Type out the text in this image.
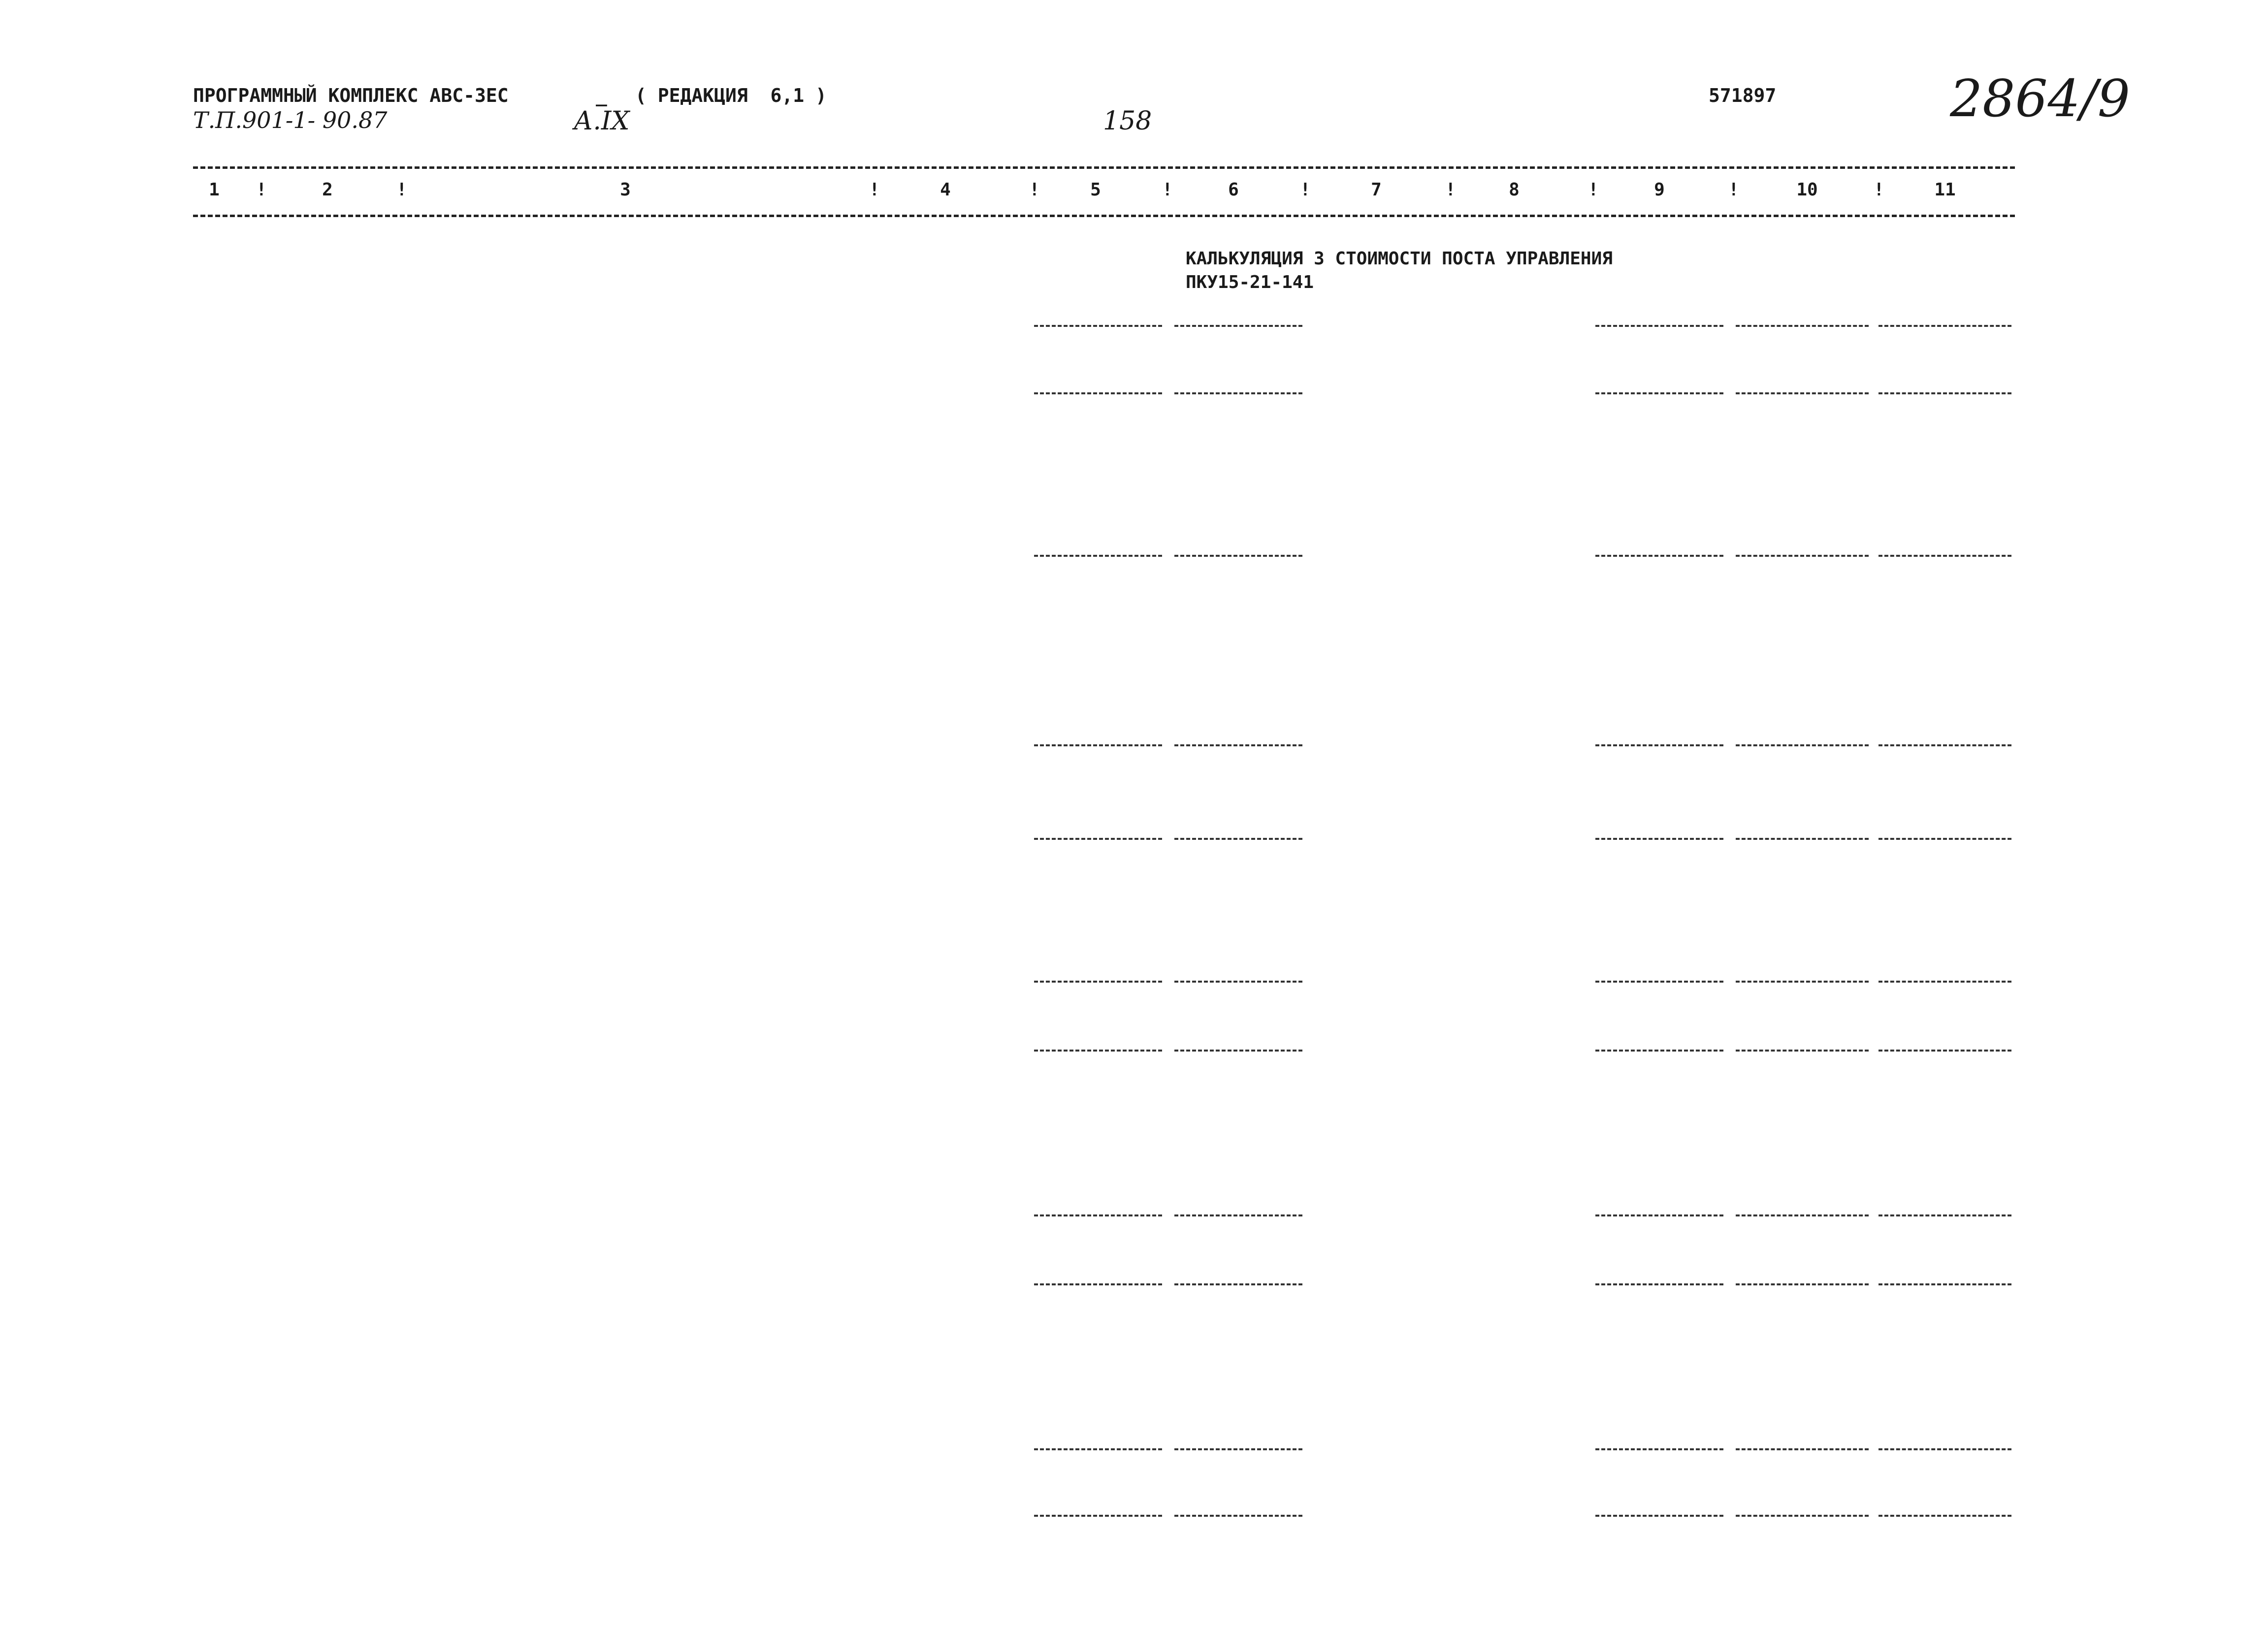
ПРОГРАММНЫЙ КОМПЛЕКС АВС-3ЕС	_ ( РЕДАКЦИЯ  6,1 )	571897
Т.П.901-1- 90.87	А.IX	158	2864/9
1	2	3	4	5	6	7	8	9	10	11
!	!	!	!	!	!	!	!	!	!
КАЛЬКУЛЯЦИЯ 3 СТОИМОСТИ ПОСТА УПРАВЛЕНИЯ
ПКУ15-21-141
